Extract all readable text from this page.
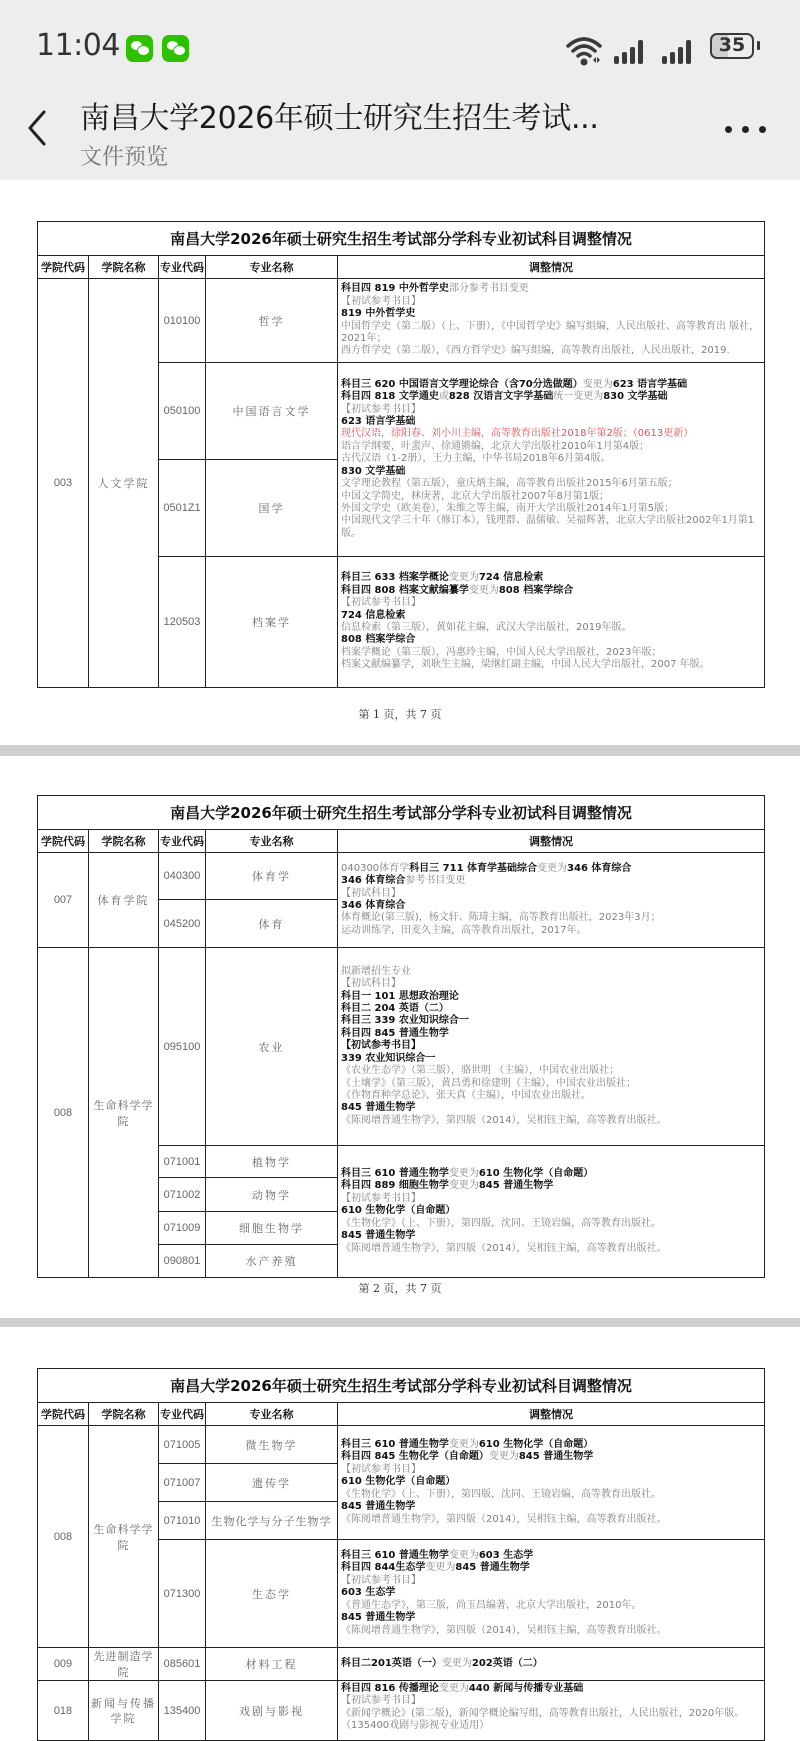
11:04	35
南昌大学2026年硕士研究生招生考试...
文件预览
南昌大学2026年硕士研究生招生考试部分学科专业初试科目调整情况				
学院代码	学院名称	专业代码	专业名称	调整情况
003	人文学院	010100	哲学	科目四 819 中外哲学史部分参考书目变更
【初试参考书目】
819 中外哲学史
中国哲学史（第二版）（上、下册），《中国哲学史》编写组编，人民出版社、高等教育出 版社，2021年；
西方哲学史（第二版），《西方哲学史》编写组编，高等教育出版社，人民出版社，2019.

050100	中国语言文学	
科目三 620 中国语言文学理论综合（含70分选做题）变更为623 语言学基础
科目四 818 文学通史或828 汉语言文字学基础统一变更为830 文学基础
【初试参考书目】
623 语言学基础
现代汉语，徐阳春、刘小川主编，高等教育出版社2018年第2版；（0613更新）
语言学纲要，叶蜚声、徐通锵编，北京大学出版社2010年1月第4版；
古代汉语（1-2册），王力主编，中华书局2018年6月第4版。
830 文学基础
文学理论教程（第五版），童庆炳主编，高等教育出版社2015年6月第五版；
中国文学简史，林庚著，北京大学出版社2007年8月第1版；
外国文学史（欧美卷），朱维之等主编，南开大学出版社2014年1月第5版；
中国现代文学三十年（修订本），钱理群、温儒敏、吴福辉著，北京大学出版社2002年1月第1版。

		0501Z1	国学	
120503	档案学	
科目三 633 档案学概论变更为724 信息检索
科目四 808 档案文献编纂学变更为808 档案学综合
【初试参考书目】
724 信息检索
信息检索（第三版），黄如花主编，武汉大学出版社，2019年版。
808 档案学综合
档案学概论（第三版），冯惠玲主编，中国人民大学出版社，2023年版；
档案文献编纂学，刘耿生主编，梁继红副主编，中国人民大学出版社，2007 年版。
第 1 页，共 7 页
南昌大学2026年硕士研究生招生考试部分学科专业初试科目调整情况				
学院代码	学院名称	专业代码	专业名称	调整情况
007	体育学院	040300	体育学	
040300体育学科目三 711 体育学基础综合变更为346 体育综合
346 体育综合参考书目变更
【初试科目】
346 体育综合
体育概论(第三版)，杨文轩、陈琦主编，高等教育出版社，2023年3月；
运动训练学，田麦久主编，高等教育出版社，2017年。

		045200	体育	
008	生命科学学院	095100	农业	
拟新增招生专业
【初试科目】
科目一 101 思想政治理论
科目二 204 英语（二）
科目三 339 农业知识综合一
科目四 845 普通生物学
【初试参考书目】
339 农业知识综合一
《农业生态学》（第三版），骆世明 （主编），中国农业出版社；
《土壤学》（第三版），黄昌勇和徐建明（主编），中国农业出版社；
《作物育种学总论》，张天真（主编），中国农业出版社。
845 普通生物学
《陈阅增普通生物学》，第四版（2014），吴相钰主编，高等教育出版社。

071001	植物学	
科目三 610 普通生物学变更为610 生物化学（自命题）
科目四 889 细胞生物学变更为845 普通生物学
【初试参考书目】
610 生物化学（自命题）
《生物化学》（上、下册），第四版，沈同、王镜岩编，高等教育出版社。
845 普通生物学
《陈阅增普通生物学》，第四版（2014），吴相钰主编，高等教育出版社。

		071002	动物学	
		071009	细胞生物学	
		090801	水产养殖	
第 2 页，共 7 页
南昌大学2026年硕士研究生招生考试部分学科专业初试科目调整情况				
学院代码	学院名称	专业代码	专业名称	调整情况
008	生命科学学院	071005	微生物学	科目三 610 普通生物学变更为610 生物化学（自命题）
科目四 845 生物化学（自命题）变更为845 普通生物学
【初试参考书目】
610 生物化学（自命题）
《生物化学》（上、下册），第四版，沈同、王镜岩编，高等教育出版社。
845 普通生物学
《陈阅增普通生物学》，第四版（2014），吴相钰主编，高等教育出版社。

		071007	遗传学	
		071010	生物化学与分子生物学	
071300	生态学	
科目三 610 普通生物学变更为603 生态学
科目四 844生态学变更为845 普通生物学
【初试参考书目】
603 生态学
《普通生态学》，第三版，尚玉昌编著，北京大学出版社，2010年。
845 普通生物学
《陈阅增普通生物学》，第四版（2014），吴相钰主编，高等教育出版社。

009	先进制造学院	085601	材料工程	科目二201英语（一）变更为202英语（二）

018	新闻与传播学院	135400	戏剧与影视	科目四 816 传播理论变更为440 新闻与传播专业基础
【初试参考书目】
《新闻学概论》(第二版)，新闻学概论编写组，高等教育出版社，人民出版社，2020年版。（135400戏剧与影视专业适用）
